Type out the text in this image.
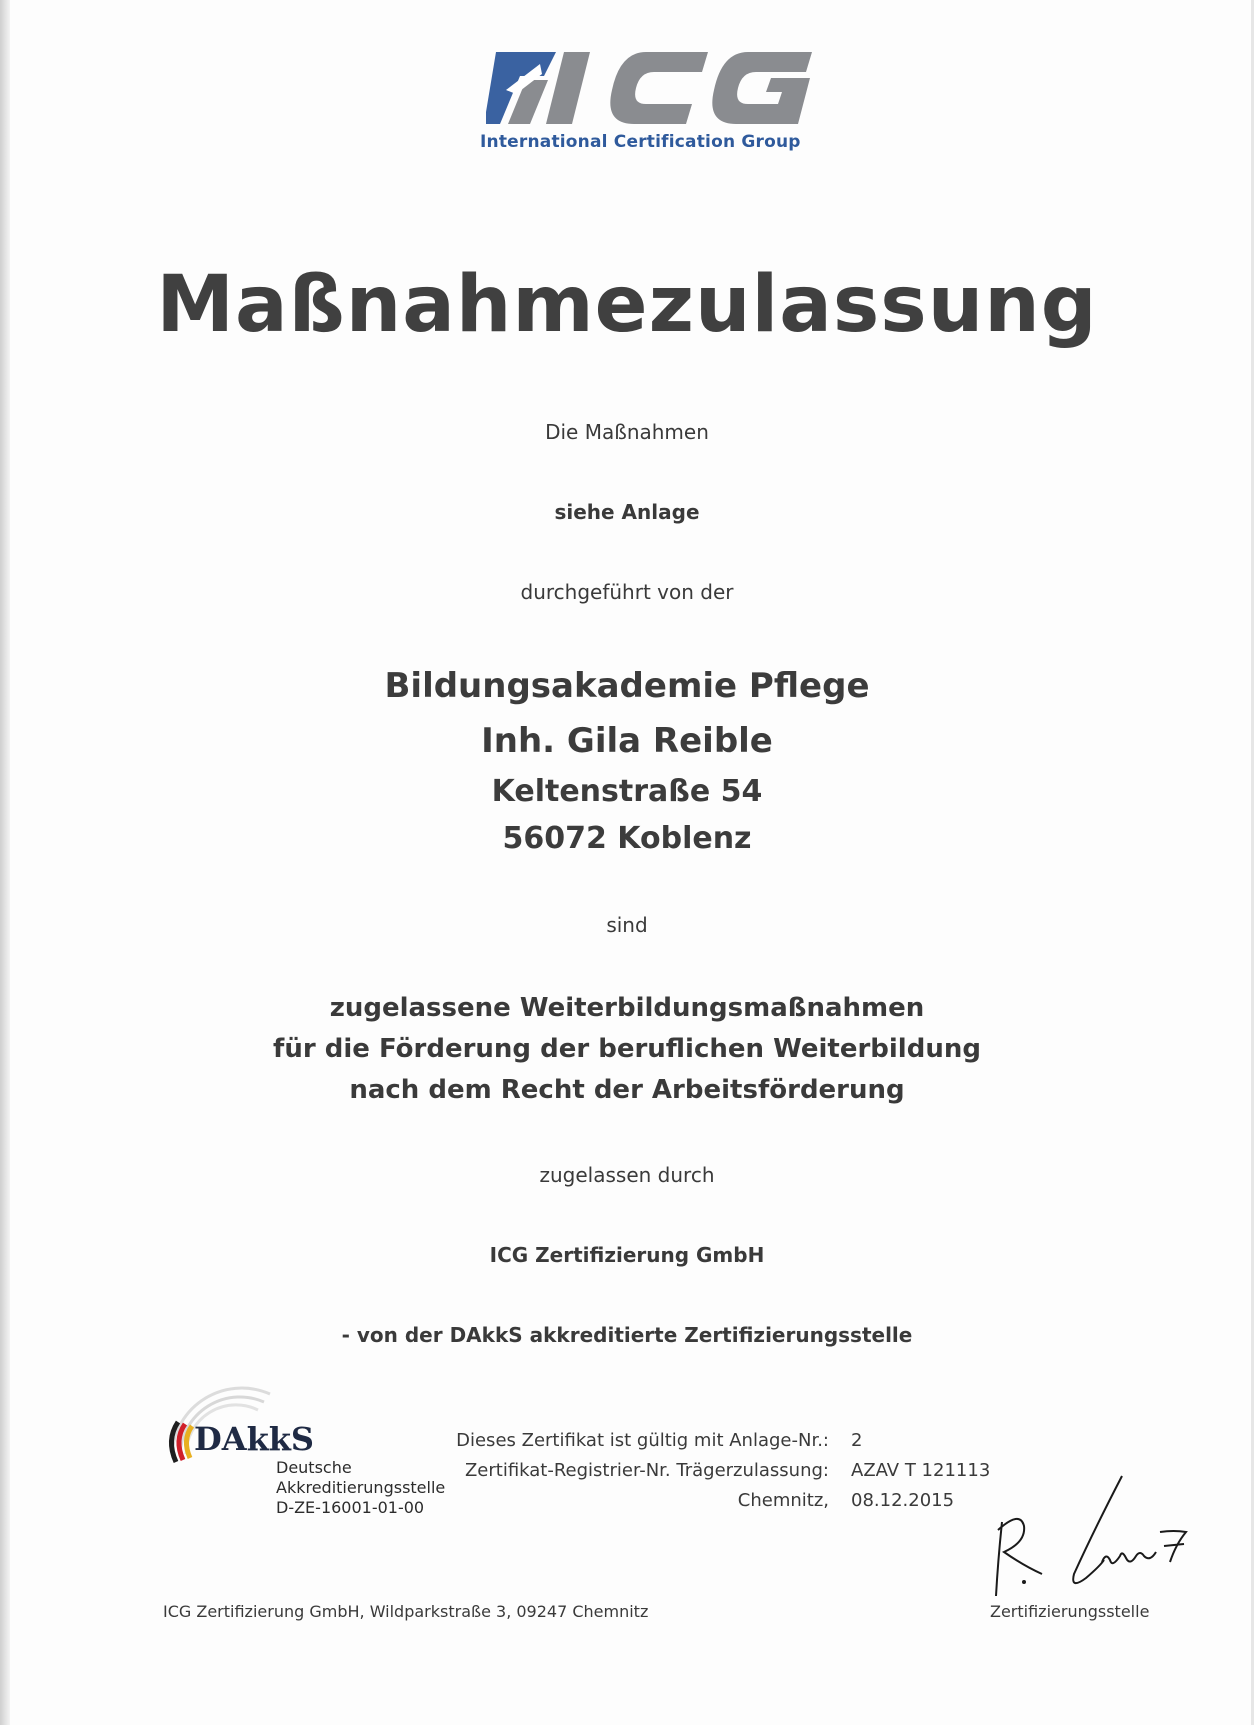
International Certification Group
Maßnahmezulassung
Die Maßnahmen
siehe Anlage
durchgeführt von der
Bildungsakademie Pflege
Inh. Gila Reible
Keltenstraße 54
56072 Koblenz
sind
zugelassene Weiterbildungsmaßnahmen
für die Förderung der beruflichen Weiterbildung
nach dem Recht der Arbeitsförderung
zugelassen durch
ICG Zertifizierung GmbH
- von der DAkkS akkreditierte Zertifizierungsstelle
DAkkS
Deutsche
Akkreditierungsstelle
D-ZE-16001-01-00
Dieses Zertifikat ist gültig mit Anlage-Nr.: 2
Zertifikat-Registrier-Nr. Trägerzulassung: AZAV T 121113
Chemnitz, 08.12.2015
Zertifizierungsstelle
ICG Zertifizierung GmbH, Wildparkstraße 3, 09247 Chemnitz
